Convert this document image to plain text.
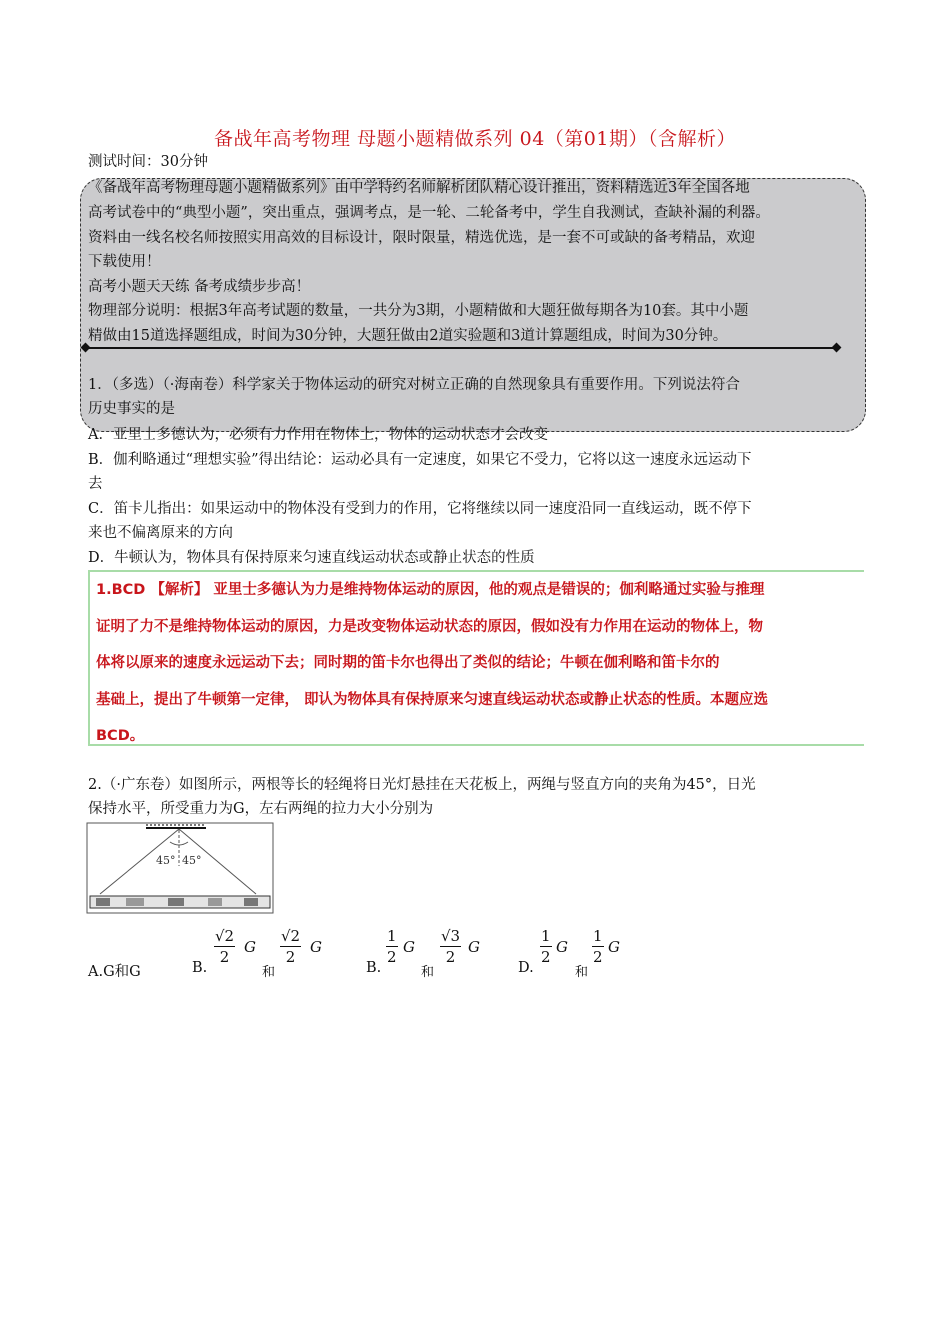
备战年高考物理 母题小题精做系列 04（第01期）（含解析）
测试时间：30分钟
《备战年高考物理母题小题精做系列》由中学特约名师解析团队精心设计推出，资料精选近3年全国各地
高考试卷中的“典型小题”，突出重点，强调考点，是一轮、二轮备考中，学生自我测试，查缺补漏的利器。
资料由一线名校名师按照实用高效的目标设计，限时限量，精选优选，是一套不可或缺的备考精品，欢迎
下载使用！
高考小题天天练 备考成绩步步高！
物理部分说明：根据3年高考试题的数量，一共分为3期，小题精做和大题狂做每期各为10套。其中小题
精做由15道选择题组成，时间为30分钟，大题狂做由2道实验题和3道计算题组成，时间为30分钟。
1．（多选）（·海南卷）科学家关于物体运动的研究对树立正确的自然现象具有重要作用。下列说法符合
历史事实的是
A．亚里士多德认为，必须有力作用在物体上，物体的运动状态才会改变
B．伽利略通过“理想实验”得出结论：运动必具有一定速度，如果它不受力，它将以这一速度永远运动下
去
C．笛卡儿指出：如果运动中的物体没有受到力的作用，它将继续以同一速度沿同一直线运动，既不停下
来也不偏离原来的方向
D．牛顿认为，物体具有保持原来匀速直线运动状态或静止状态的性质
1.BCD 【解析】 亚里士多德认为力是维持物体运动的原因，他的观点是错误的；伽利略通过实验与推理
证明了力不是维持物体运动的原因，力是改变物体运动状态的原因，假如没有力作用在运动的物体上，物
体将以原来的速度永远运动下去；同时期的笛卡尔也得出了类似的结论；牛顿在伽利略和笛卡尔的
基础上，提出了牛顿第一定律， 即认为物体具有保持原来匀速直线运动状态或静止状态的性质。本题应选
BCD。
2.（·广东卷）如图所示，两根等长的轻绳将日光灯悬挂在天花板上，两绳与竖直方向的夹角为45°，日光
保持水平，所受重力为G，左右两绳的拉力大小分别为
45° 45°
A.G和G	B.
$\frac{√2}{2}$ G
和
$\frac{√2}{2}$ G
B.
$\frac{1}{2}$ G
和
$\frac{√3}{2}$ G
D.
$\frac{1}{2}$ G
和
$\frac{1}{2}$ G
